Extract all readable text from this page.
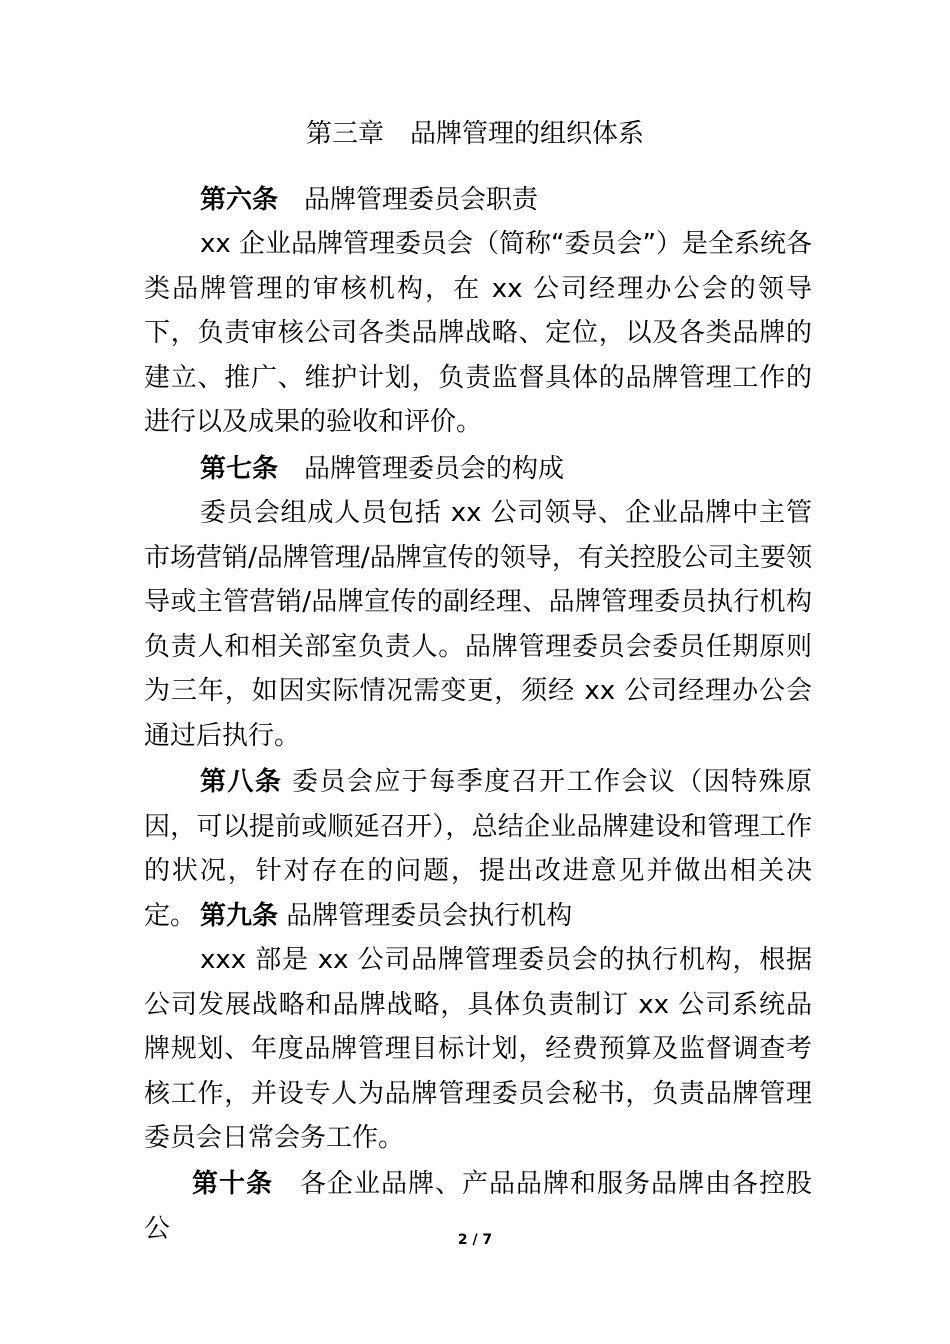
第三章　品牌管理的组织体系
第六条　 品牌管理委员会职责
xx 企业品牌管理委员会（简称“委员会”）是全系统各类品牌管理的审核机构，在 xx 公司经理办公会的领导下，负责审核公司各类品牌战略、定位，以及各类品牌的建立、推广、维护计划，负责监督具体的品牌管理工作的进行以及成果的验收和评价。
第七条　 品牌管理委员会的构成
委员会组成人员包括 xx 公司领导、企业品牌中主管市场营销/品牌管理/品牌宣传的领导，有关控股公司主要领导或主管营销/品牌宣传的副经理、品牌管理委员执行机构负责人和相关部室负责人。品牌管理委员会委员任期原则为三年，如因实际情况需变更，须经 xx 公司经理办公会通过后执行。
第八条 委员会应于每季度召开工作会议（因特殊原因，可以提前或顺延召开），总结企业品牌建设和管理工作的状况，针对存在的问题，提出改进意见并做出相关决定。 第九条 品牌管理委员会执行机构
xxx 部是 xx 公司品牌管理委员会的执行机构，根据公司发展战略和品牌战略，具体负责制订 xx 公司系统品牌规划、年度品牌管理目标计划，经费预算及监督调查考核工作，并设专人为品牌管理委员会秘书，负责品牌管理委员会日常会务工作。
第十条　 各企业品牌、产品品牌和服务品牌由各控股公	2 / 7
